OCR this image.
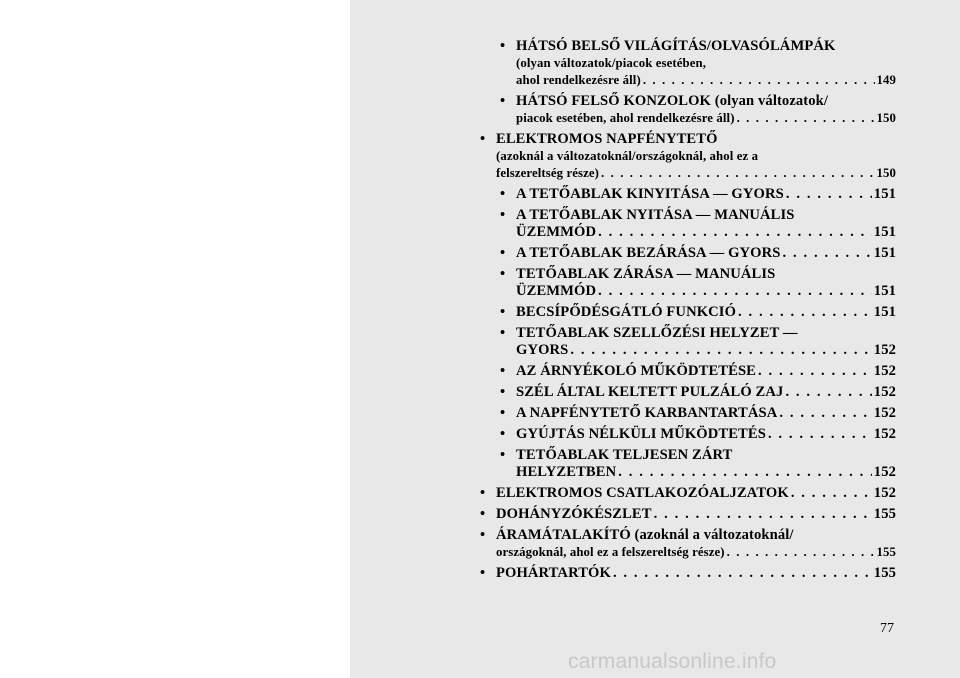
• HÁTSÓ BELSŐ VILÁGÍTÁS/OLVASÓLÁMPÁK
(olyan változatok/piacok esetében,
ahol rendelkezésre áll) . . .	149
• HÁTSÓ FELSŐ KONZOLOK (olyan változatok/
piacok esetében, ahol rendelkezésre áll) . . .	150
• ELEKTROMOS NAPFÉNYTETŐ
(azoknál a változatoknál/országoknál, ahol ez a
felszereltség része) . . .	150
• A TETŐABLAK KINYITÁSA — GYORS . . .	151
• A TETŐABLAK NYITÁSA — MANUÁLIS
ÜZEMMÓD . . .	151
• A TETŐABLAK BEZÁRÁSA — GYORS . . .	151
• TETŐABLAK ZÁRÁSA — MANUÁLIS
ÜZEMMÓD . . .	151
• BECSÍPŐDÉSGÁTLÓ FUNKCIÓ . . .	151
• TETŐABLAK SZELLŐZÉSI HELYZET —
GYORS . . .	152
• AZ ÁRNYÉKOLÓ MŰKÖDTETÉSE . . .	152
• SZÉL ÁLTAL KELTETT PULZÁLÓ ZAJ . . .	152
• A NAPFÉNYTETŐ KARBANTARTÁSA . . .	152
• GYÚJTÁS NÉLKÜLI MŰKÖDTETÉS . . .	152
• TETŐABLAK TELJESEN ZÁRT
HELYZETBEN . . .	152
• ELEKTROMOS CSATLAKOZÓALJZATOK . . .	152
• DOHÁNYZÓKÉSZLET . . .	155
• ÁRAMÁTALAKÍTÓ (azoknál a változatoknál/
országoknál, ahol ez a felszereltség része) . . .	155
• POHÁRTARTÓK . . .	155
77
carmanualsonline.info
